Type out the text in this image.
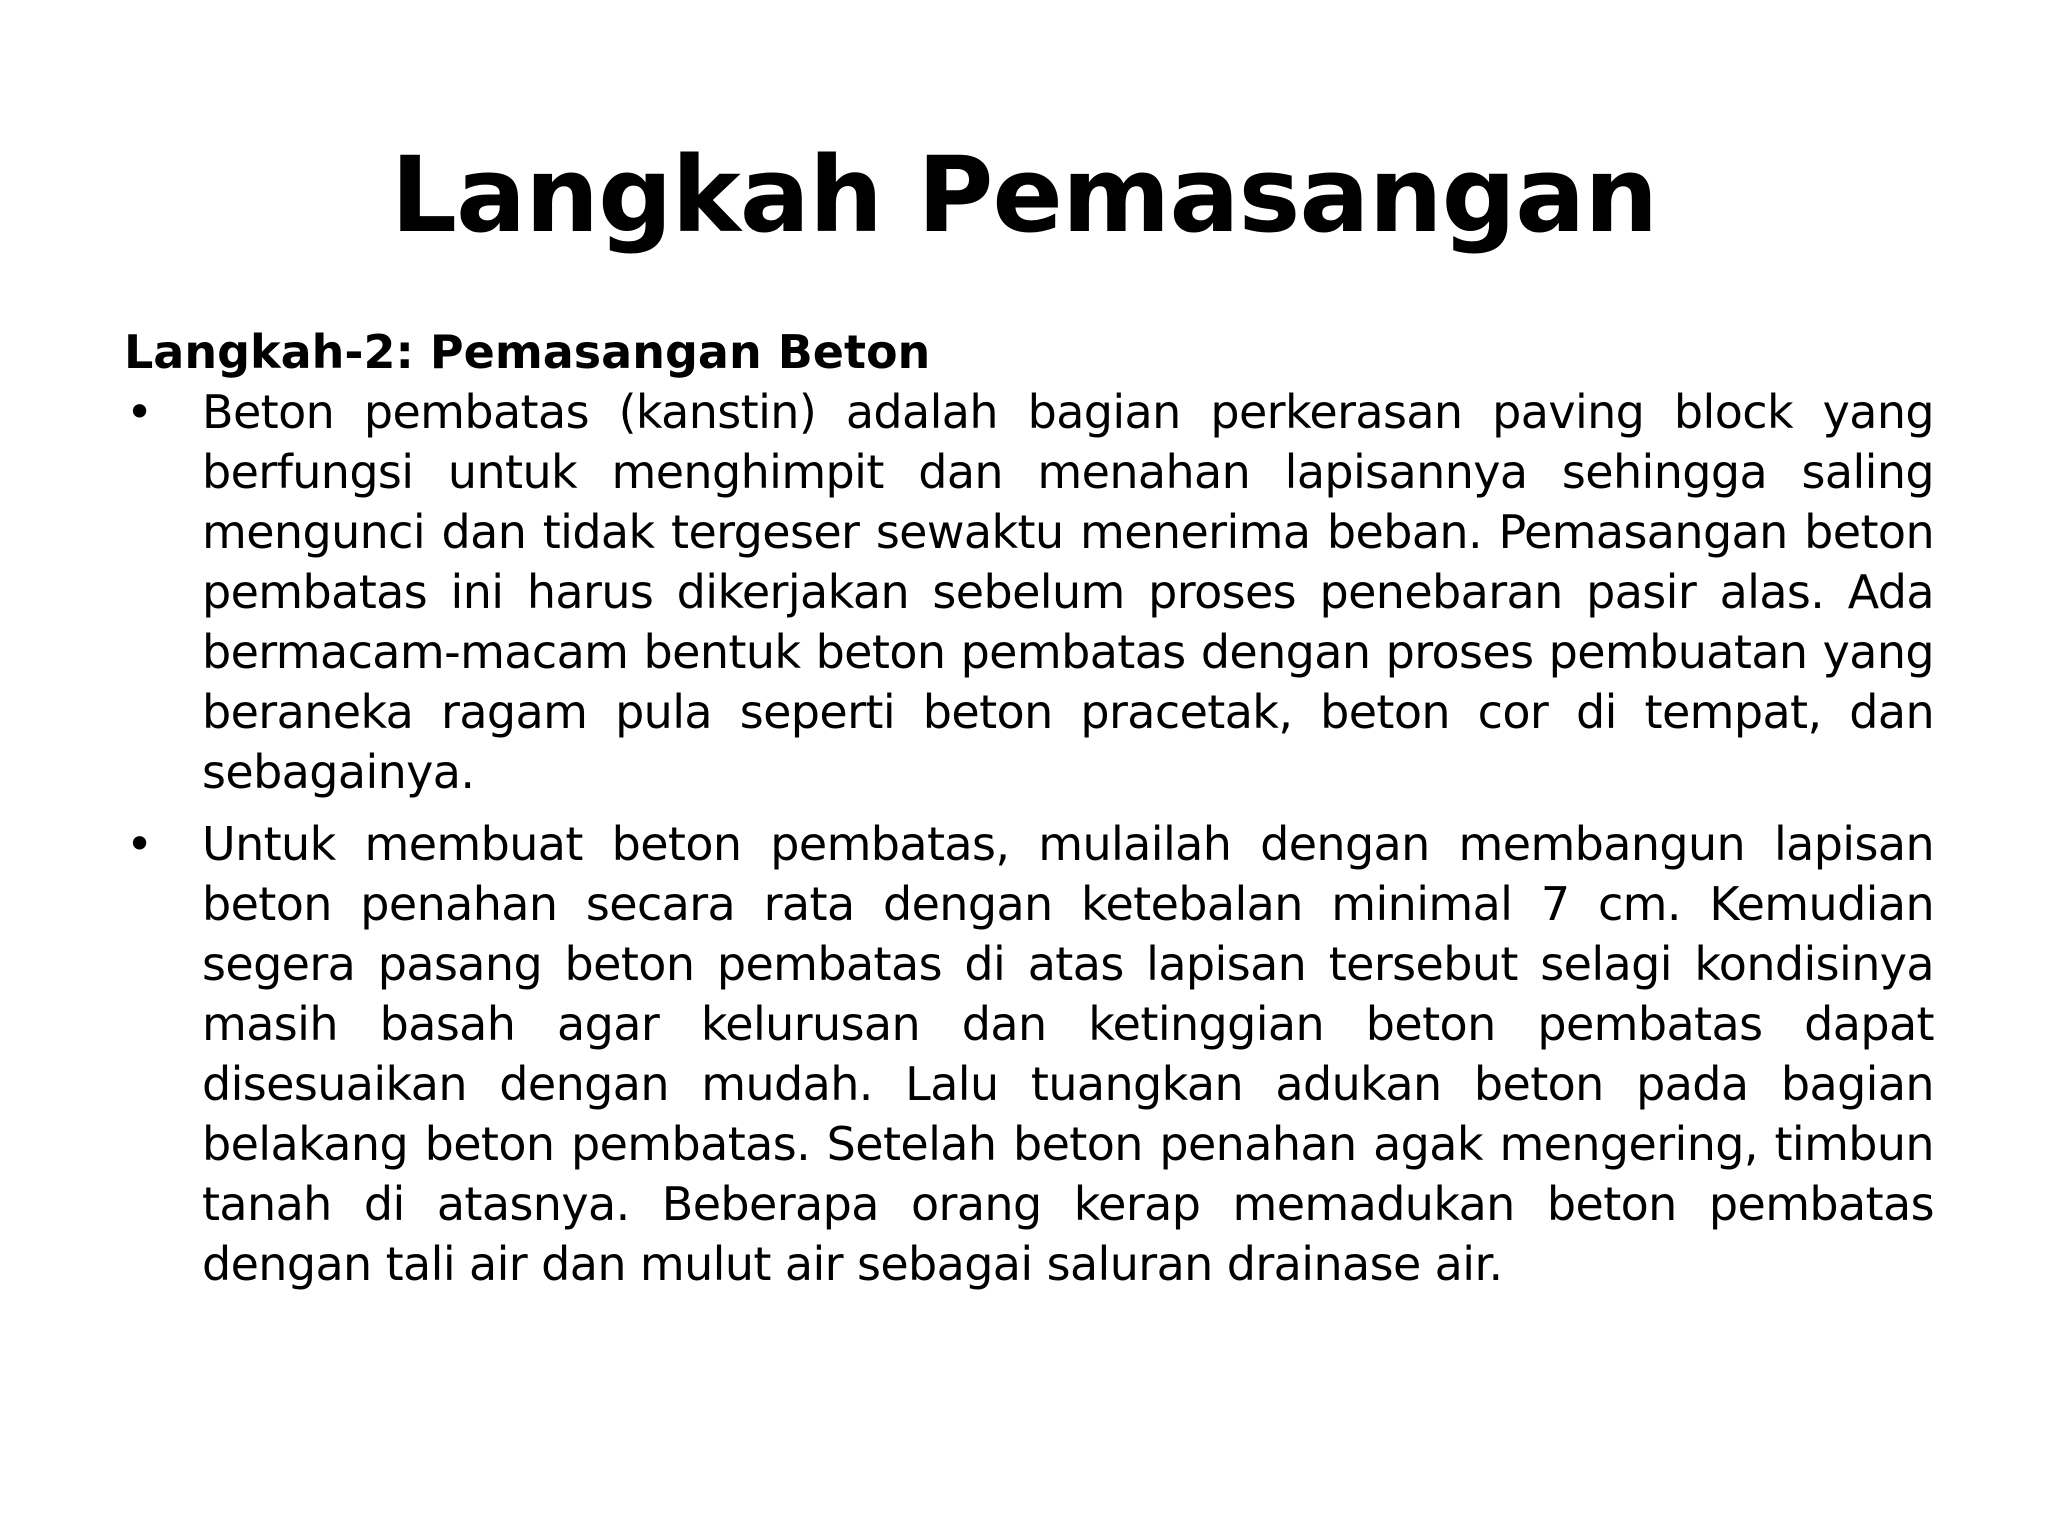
Langkah Pemasangan
Langkah-2: Pemasangan Beton
• Beton pembatas (kanstin) adalah bagian perkerasan paving block yang berfungsi untuk menghimpit dan menahan lapisannya sehingga saling mengunci dan tidak tergeser sewaktu menerima beban. Pemasangan beton pembatas ini harus dikerjakan sebelum proses penebaran pasir alas. Ada bermacam-macam bentuk beton pembatas dengan proses pembuatan yang beraneka ragam pula seperti beton pracetak, beton cor di tempat, dan sebagainya.
• Untuk membuat beton pembatas, mulailah dengan membangun lapisan beton penahan secara rata dengan ketebalan minimal 7 cm. Kemudian segera pasang beton pembatas di atas lapisan tersebut selagi kondisinya masih basah agar kelurusan dan ketinggian beton pembatas dapat disesuaikan dengan mudah. Lalu tuangkan adukan beton pada bagian belakang beton pembatas. Setelah beton penahan agak mengering, timbun tanah di atasnya. Beberapa orang kerap memadukan beton pembatas dengan tali air dan mulut air sebagai saluran drainase air.
